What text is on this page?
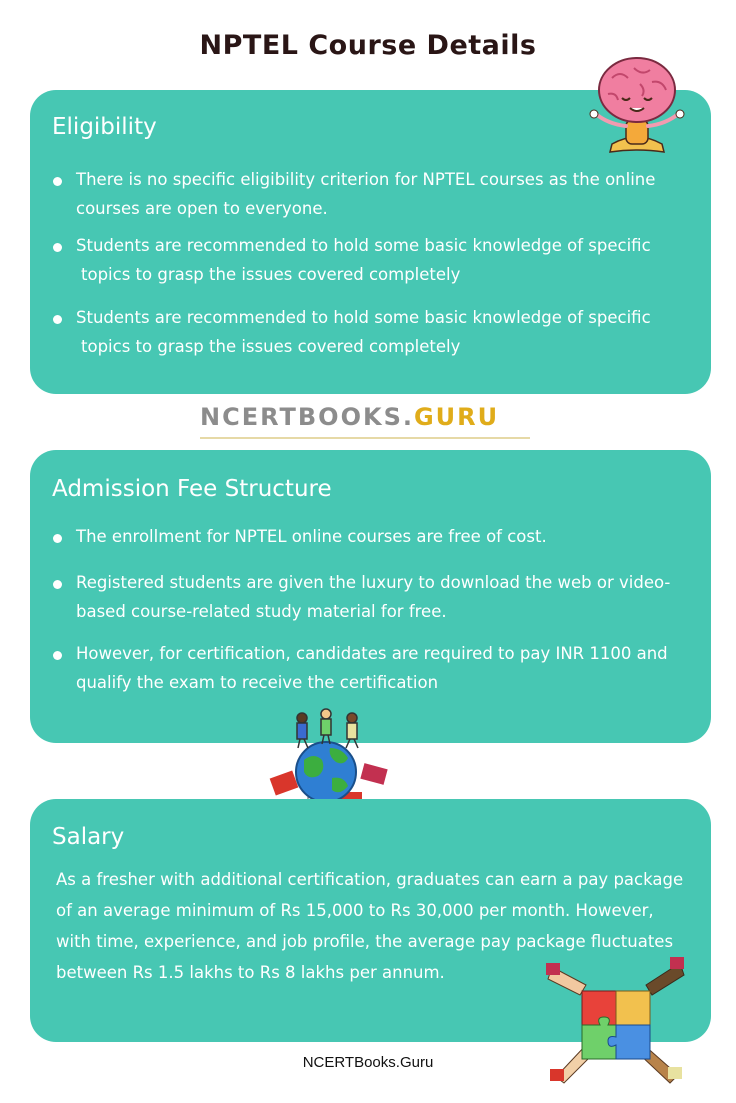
NPTEL Course Details
Eligibility
There is no specific eligibility criterion for NPTEL courses as the online
courses are open to everyone.
Students are recommended to hold some basic knowledge of specific
topics to grasp the issues covered completely
Students are recommended to hold some basic knowledge of specific
topics to grasp the issues covered completely
NCERTBOOKS.GURU
Admission Fee Structure
The enrollment for NPTEL online courses are free of cost.
Registered students are given the luxury to download the web or video-
based course-related study material for free.
However, for certification, candidates are required to pay INR 1100 and
qualify the exam to receive the certification
Salary
As a fresher with additional certification, graduates can earn a pay package
of an average minimum of Rs 15,000 to Rs 30,000 per month. However,
with time, experience, and job profile, the average pay package fluctuates
between Rs 1.5 lakhs to Rs 8 lakhs per annum.
NCERTBooks.Guru
